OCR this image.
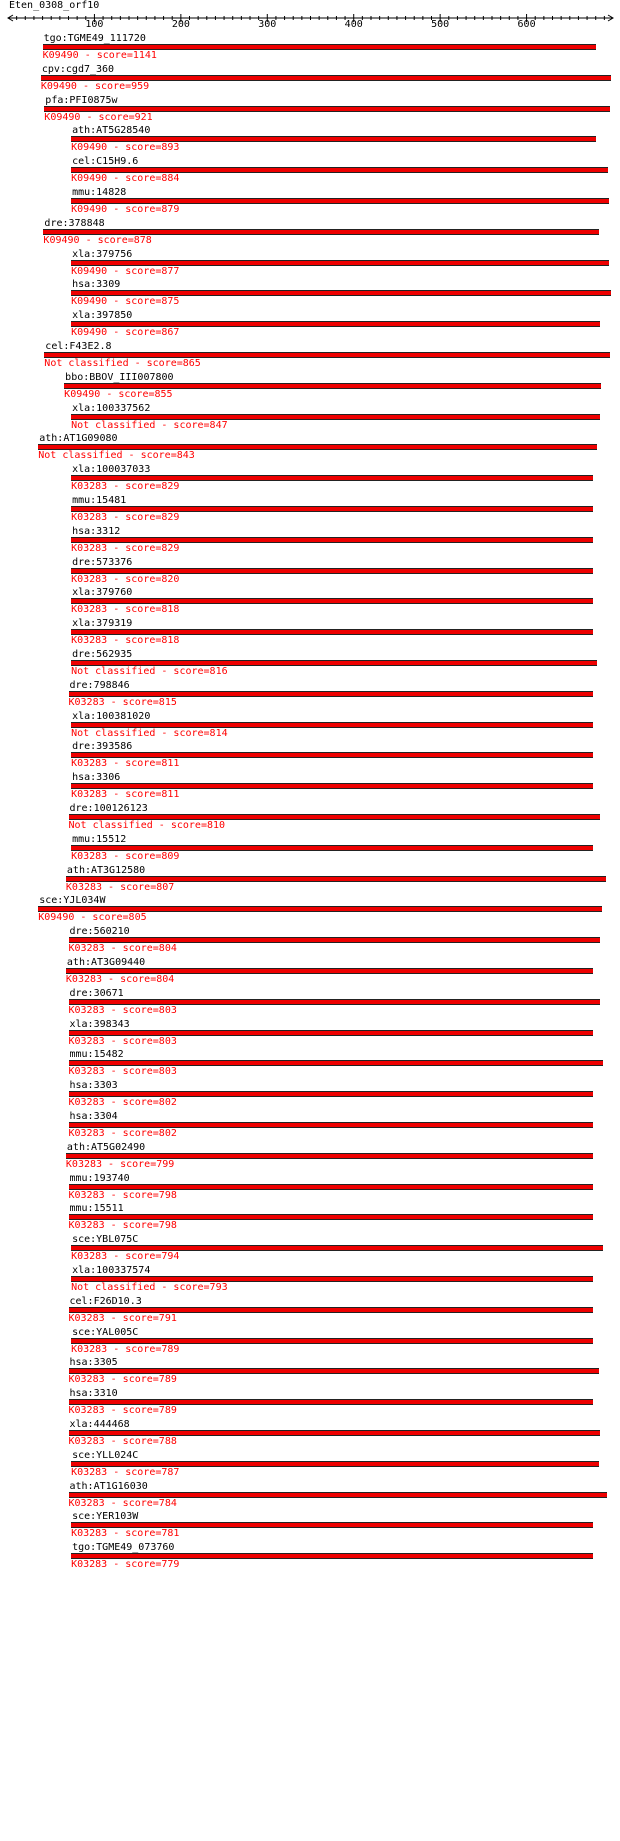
Eten_0308_orf10
100	200	300	400	500	600
tgo:TGME49_111720
K09490 - score=1141
cpv:cgd7_360
K09490 - score=959
pfa:PFI0875w
K09490 - score=921
ath:AT5G28540
K09490 - score=893
cel:C15H9.6
K09490 - score=884
mmu:14828
K09490 - score=879
dre:378848
K09490 - score=878
xla:379756
K09490 - score=877
hsa:3309
K09490 - score=875
xla:397850
K09490 - score=867
cel:F43E2.8
Not classified - score=865
bbo:BBOV_III007800
K09490 - score=855
xla:100337562
Not classified - score=847
ath:AT1G09080
Not classified - score=843
xla:100037033
K03283 - score=829
mmu:15481
K03283 - score=829
hsa:3312
K03283 - score=829
dre:573376
K03283 - score=820
xla:379760
K03283 - score=818
xla:379319
K03283 - score=818
dre:562935
Not classified - score=816
dre:798846
K03283 - score=815
xla:100381020
Not classified - score=814
dre:393586
K03283 - score=811
hsa:3306
K03283 - score=811
dre:100126123
Not classified - score=810
mmu:15512
K03283 - score=809
ath:AT3G12580
K03283 - score=807
sce:YJL034W
K09490 - score=805
dre:560210
K03283 - score=804
ath:AT3G09440
K03283 - score=804
dre:30671
K03283 - score=803
xla:398343
K03283 - score=803
mmu:15482
K03283 - score=803
hsa:3303
K03283 - score=802
hsa:3304
K03283 - score=802
ath:AT5G02490
K03283 - score=799
mmu:193740
K03283 - score=798
mmu:15511
K03283 - score=798
sce:YBL075C
K03283 - score=794
xla:100337574
Not classified - score=793
cel:F26D10.3
K03283 - score=791
sce:YAL005C
K03283 - score=789
hsa:3305
K03283 - score=789
hsa:3310
K03283 - score=789
xla:444468
K03283 - score=788
sce:YLL024C
K03283 - score=787
ath:AT1G16030
K03283 - score=784
sce:YER103W
K03283 - score=781
tgo:TGME49_073760
K03283 - score=779
